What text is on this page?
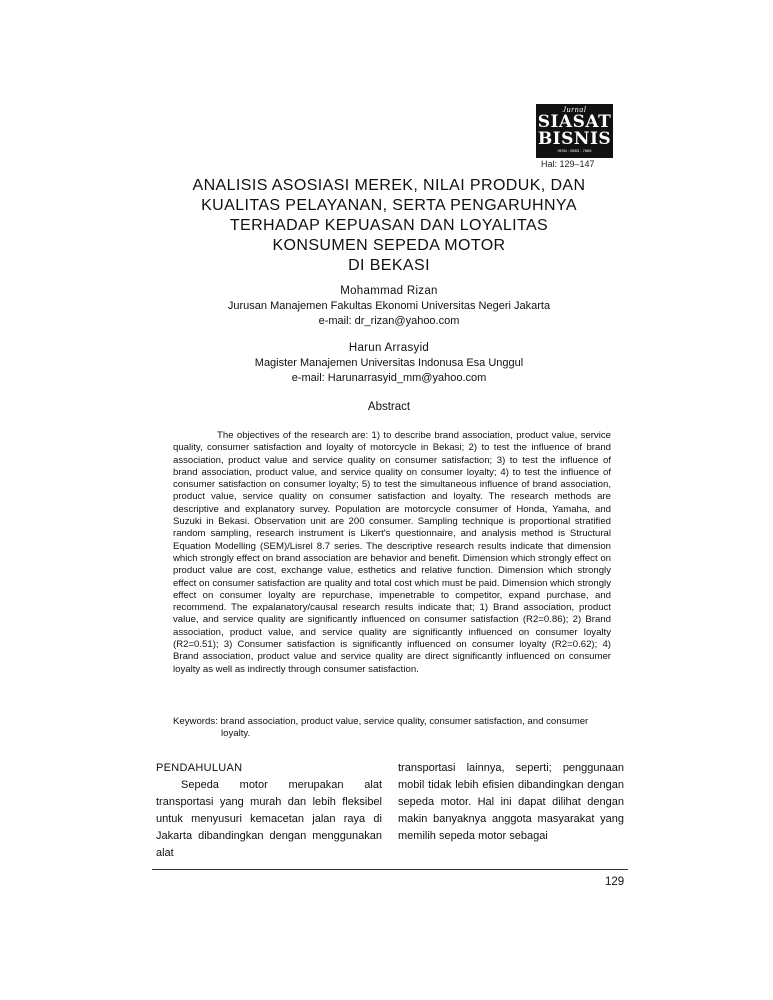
Jurnal
SIASAT
BISNIS
ISSN : 0853 - 7665
Hal: 129–147
ANALISIS ASOSIASI MEREK, NILAI PRODUK, DAN
KUALITAS PELAYANAN, SERTA PENGARUHNYA
TERHADAP KEPUASAN DAN LOYALITAS
KONSUMEN SEPEDA MOTOR
DI BEKASI
Mohammad Rizan
Jurusan Manajemen Fakultas Ekonomi Universitas Negeri Jakarta
e-mail: dr_rizan@yahoo.com
Harun Arrasyid
Magister Manajemen Universitas Indonusa Esa Unggul
e-mail: Harunarrasyid_mm@yahoo.com
Abstract

The objectives of the research are: 1) to describe brand association, product value, service quality, consumer satisfaction and loyalty of motorcycle in Bekasi; 2) to test the influence of brand association, product value and service quality on consumer satisfaction; 3) to test the influence of brand association, product value, and service quality on consumer loyalty; 4) to test the influence of consumer satisfaction on consumer loyalty; 5) to test the simultaneous influence of brand association, product value, service quality on consumer satisfaction and loyalty. The research methods are descriptive and explanatory survey. Population are motorcycle consumer of Honda, Yamaha, and Suzuki in Bekasi. Observation unit are 200 consumer. Sampling technique is proportional stratified random sampling, research instrument is Likert's questionnaire, and analysis method is Structural Equation Modelling (SEM)/Lisrel 8.7 series. The descriptive research results indicate that dimension which strongly effect on brand association are behavior and benefit. Dimension which strongly effect on product value are cost, exchange value, esthetics and relative function. Dimension which strongly effect on consumer satisfaction are quality and total cost which must be paid. Dimension which strongly effect on consumer loyalty are repurchase, impenetrable to competitor, expand purchase, and recommend. The expalanatory/causal research results indicate that; 1) Brand association, product value, and service quality are significantly influenced on consumer satisfaction (R2=0.86); 2) Brand association, product value, and service quality are significantly influenced on consumer loyalty (R2=0.51); 3) Consumer satisfaction is significantly influenced on consumer loyalty (R2=0.62); 4) Brand association, product value and service quality are direct significantly influenced on consumer loyalty as well as indirectly through consumer satisfaction.

Keywords: brand association, product value, service quality, consumer satisfaction, and consumer
loyalty.
PENDAHULUAN
Sepeda motor merupakan alat transportasi yang murah dan lebih fleksibel untuk menyusuri kemacetan jalan raya di Jakarta dibandingkan dengan menggunakan alat
transportasi lainnya, seperti; penggunaan mobil tidak lebih efisien dibandingkan dengan sepeda motor. Hal ini dapat dilihat dengan makin banyaknya anggota masyarakat yang memilih sepeda motor sebagai
129
